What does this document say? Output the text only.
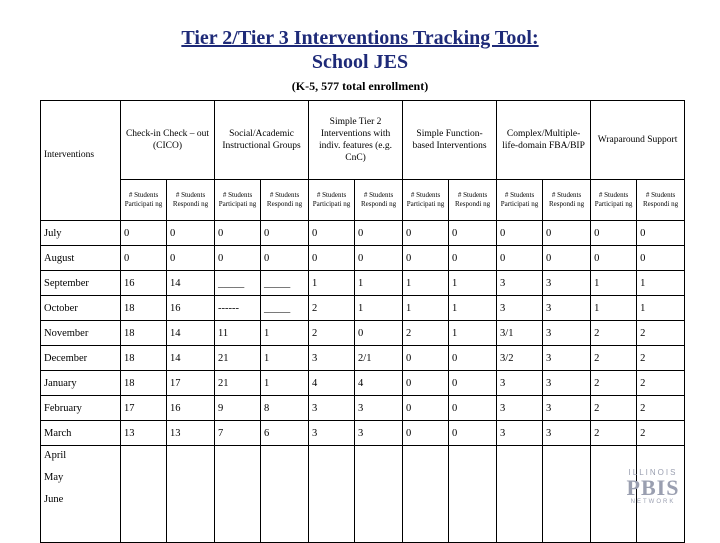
Tier 2/Tier 3 Interventions Tracking Tool:
School JES
(K-5, 577 total enrollment)
Interventions	Check-in Check – out (CICO)		Social/Academic Instructional Groups		Simple Tier 2 Interventions with indiv. features (e.g. CnC)		Simple Function-based Interventions		Complex/Multiple-life-domain FBA/BIP		Wraparound Support	
	# Students Participati ng	# Students Respondi ng	# Students Participati ng	# Students Respondi ng	# Students Participati ng	# Students Respondi ng	# Students Participati ng	# Students Respondi ng	# Students Participati ng	# Students Respondi ng	# Students Participati ng	# Students Respondi ng
July	0	0	0	0	0	0	0	0	0	0	0	0
August	0	0	0	0	0	0	0	0	0	0	0	0
September	16	14	_____	_____	1	1	1	1	3	3	1	1
October	18	16	------	_____	2	1	1	1	3	3	1	1
November	18	14	11	1	2	0	2	1	3/1	3	2	2
December	18	14	21	1	3	2/1	0	0	3/2	3	2	2
January	18	17	21	1	4	4	0	0	3	3	2	2
February	17	16	9	8	3	3	0	0	3	3	2	2
March	13	13	7	6	3	3	0	0	3	3	2	2

April
May
June												

ILLINOIS
PBIS
NETWORK
